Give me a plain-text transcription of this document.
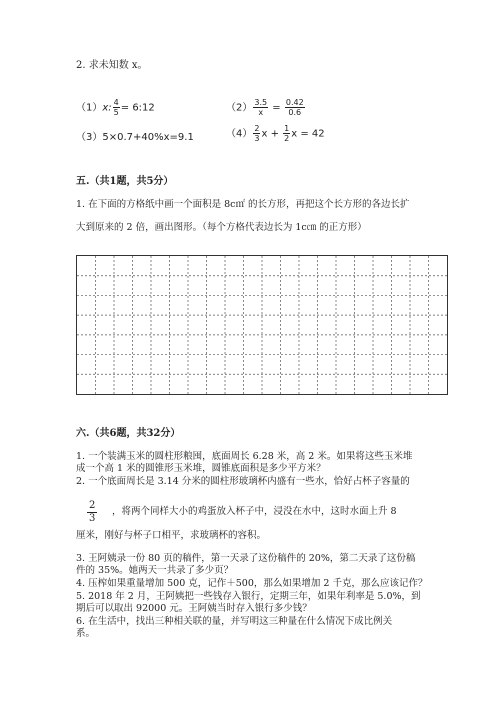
2. 求未知数 x。
（1）x: $\frac{4}{5}$ = 6:12	$(2) \frac{3.5}{x} = \frac{0.42}{0.6}$
（3）5×0.7+40%x=9.1	$(4) \frac{2}{3}$ $x + \frac{1}{2}$ x = 42
五.（共1题，共5分）
1. 在下面的方格纸中画一个面积是 8c㎡ 的长方形，再把这个长方形的各边长扩
大到原来的 2 倍，画出图形。（每个方格代表边长为 1c㎝ 的正方形）
六.（共6题，共32分）
1. 一个装满玉米的圆柱形粮囤，底面周长 6.28 米，高 2 米。如果将这些玉米堆
成一个高 1 米的圆锥形玉米堆，圆锥底面积是多少平方米？
2. 一个底面周长是 3.14 分米的圆柱形玻璃杯内盛有一些水，恰好占杯子容量的
$\frac{2}{3}$ ，将两个同样大小的鸡蛋放入杯子中，浸没在水中，这时水面上升 8
厘米，刚好与杯子口相平，求玻璃杯的容积。
3. 王阿姨录一份 80 页的稿件，第一天录了这份稿件的 20%，第二天录了这份稿
件的 35%。她两天一共录了多少页？
4. 压榨如果重量增加 500 克，记作＋500，那么如果增加 2 千克，那么应该记作？
5. 2018 年 2 月，王阿姨把一些钱存入银行，定期三年，如果年利率是 5.0%，到
期后可以取出 92000 元。王阿姨当时存入银行多少钱？
6. 在生活中，找出三种相关联的量，并写明这三种量在什么情况下成比例关
系。
